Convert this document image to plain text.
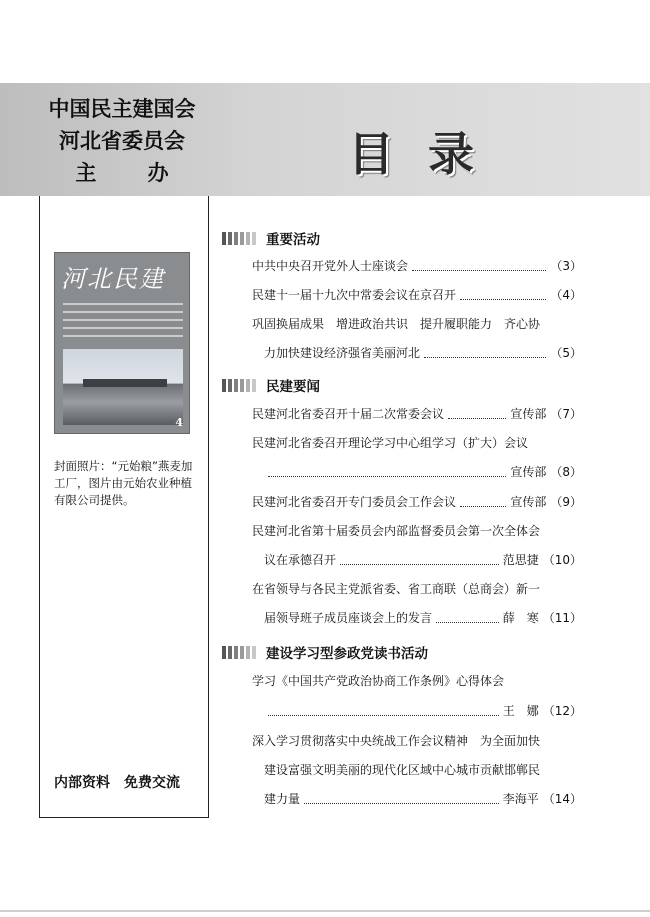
中国民主建国会
河北省委员会
主 办	目录
河北民建
4
封面照片：“元始粮”燕麦加工厂，图片由元始农业种植有限公司提供。
内部资料　免费交流
重要活动
中共中央召开党外人士座谈会	（3）
民建十一届十九次中常委会议在京召开	（4）
巩固换届成果　增进政治共识　提升履职能力　齐心协
力加快建设经济强省美丽河北	（5）
民建要闻
民建河北省委召开十届二次常委会议	宣传部 （7）
民建河北省委召开理论学习中心组学习（扩大）会议
宣传部 （8）
民建河北省委召开专门委员会工作会议	宣传部 （9）
民建河北省第十届委员会内部监督委员会第一次全体会
议在承德召开	范思捷 （10）
在省领导与各民主党派省委、省工商联（总商会）新一
届领导班子成员座谈会上的发言	薛　寒 （11）
建设学习型参政党读书活动
学习《中国共产党政治协商工作条例》心得体会
王　娜 （12）
深入学习贯彻落实中央统战工作会议精神　为全面加快
建设富强文明美丽的现代化区域中心城市贡献邯郸民
建力量	李海平 （14）
